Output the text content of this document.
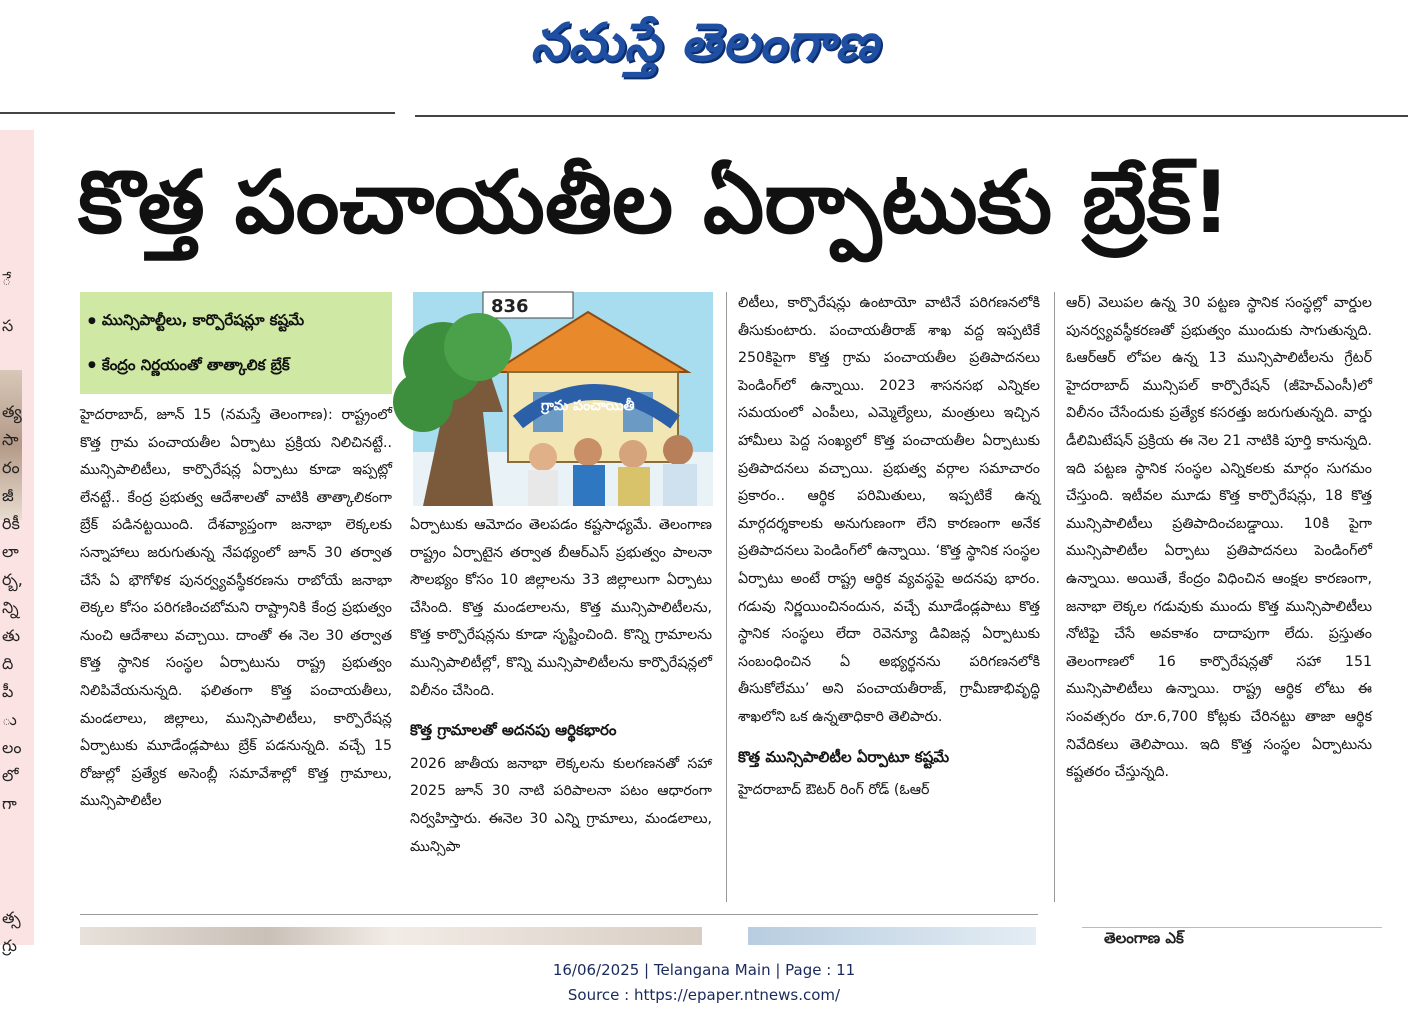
నమస్తే తెలంగాణ
ే
స
త్య
సా
రం
జీ
రికీ
లా
ర్బ,
న్ని
తు
ది
పీ
ు
లం
లో
గా
త్స
గ్రు
కొత్త పంచాయతీల ఏర్పాటుకు బ్రేక్!
● మున్సిపాల్టీలు, కార్పొరేషన్లూ కష్టమే
● కేంద్రం నిర్ణయంతో తాత్కాలిక బ్రేక్
836
గ్రామ పంచాయితీ

హైదరాబాద్, జూన్ 15 (నమస్తే తెలంగాణ): రాష్ట్రంలో కొత్త గ్రామ పంచాయతీల ఏర్పాటు ప్రక్రియ నిలిచినట్టే.. మున్సిపాలిటీలు, కార్పొరేషన్ల ఏర్పాటు కూడా ఇప్పట్లో లేనట్టే.. కేంద్ర ప్రభుత్వ ఆదేశాలతో వాటికి తాత్కాలికంగా బ్రేక్ పడినట్టయింది. దేశవ్యాప్తంగా జనాభా లెక్కలకు సన్నాహాలు జరుగుతున్న నేపథ్యంలో జూన్ 30 తర్వాత చేసే ఏ భౌగోళిక పునర్వ్యవస్థీకరణను రాబోయే జనాభా లెక్కల కోసం పరిగణించబోమని రాష్ట్రానికి కేంద్ర ప్రభుత్వం నుంచి ఆదేశాలు వచ్చాయి. దాంతో ఈ నెల 30 తర్వాత కొత్త స్థానిక సంస్థల ఏర్పాటును రాష్ట్ర ప్రభుత్వం నిలిపివేయనున్నది. ఫలితంగా కొత్త పంచాయతీలు, మండలాలు, జిల్లాలు, మున్సిపాలిటీలు, కార్పొరేషన్ల ఏర్పాటుకు మూడేండ్లపాటు బ్రేక్ పడనున్నది. వచ్చే 15 రోజుల్లో ప్రత్యేక అసెంబ్లీ సమావేశాల్లో కొత్త గ్రామాలు, మున్సిపాలిటీల

ఏర్పాటుకు ఆమోదం తెలపడం కష్టసాధ్యమే. తెలంగాణ రాష్ట్రం ఏర్పాటైన తర్వాత బీఆర్ఎస్ ప్రభుత్వం పాలనా సౌలభ్యం కోసం 10 జిల్లాలను 33 జిల్లాలుగా ఏర్పాటు చేసింది. కొత్త మండలాలను, కొత్త మున్సిపాలిటీలను, కొత్త కార్పొరేషన్లను కూడా సృష్టించింది. కొన్ని గ్రామాలను మున్సిపాలిటీల్లో, కొన్ని మున్సిపాలిటీలను కార్పొరేషన్లలో విలీనం చేసింది.

కొత్త గ్రామాలతో అదనపు ఆర్థికభారం

2026 జాతీయ జనాభా లెక్కలను కులగణనతో సహా 2025 జూన్ 30 నాటి పరిపాలనా పటం ఆధారంగా నిర్వహిస్తారు. ఈనెల 30 ఎన్ని గ్రామాలు, మండలాలు, మున్సిపా

లిటీలు, కార్పొరేషన్లు ఉంటాయో వాటినే పరిగణనలోకి తీసుకుంటారు. పంచాయతీరాజ్ శాఖ వద్ద ఇప్పటికే 250కిపైగా కొత్త గ్రామ పంచాయతీల ప్రతిపాదనలు పెండింగ్‌లో ఉన్నాయి. 2023 శాసనసభ ఎన్నికల సమయంలో ఎంపీలు, ఎమ్మెల్యేలు, మంత్రులు ఇచ్చిన హామీలు పెద్ద సంఖ్యలో కొత్త పంచాయతీల ఏర్పాటుకు ప్రతిపాదనలు వచ్చాయి. ప్రభుత్వ వర్గాల సమాచారం ప్రకారం.. ఆర్థిక పరిమితులు, ఇప్పటికే ఉన్న మార్గదర్శకాలకు అనుగుణంగా లేని కారణంగా అనేక ప్రతిపాదనలు పెండింగ్‌లో ఉన్నాయి. ‘కొత్త స్థానిక సంస్థల ఏర్పాటు అంటే రాష్ట్ర ఆర్థిక వ్యవస్థపై అదనపు భారం. గడువు నిర్ణయించినందున, వచ్చే మూడేండ్లపాటు కొత్త స్థానిక సంస్థలు లేదా రెవెన్యూ డివిజన్ల ఏర్పాటుకు సంబంధించిన ఏ అభ్యర్థనను పరిగణనలోకి తీసుకోలేము’ అని పంచాయతీరాజ్, గ్రామీణాభివృద్ధి శాఖలోని ఒక ఉన్నతాధికారి తెలిపారు.

కొత్త మున్సిపాలిటీల ఏర్పాటూ కష్టమే

హైదరాబాద్ ఔటర్ రింగ్ రోడ్ (ఓఆర్

ఆర్) వెలుపల ఉన్న 30 పట్టణ స్థానిక సంస్థల్లో వార్డుల పునర్వ్యవస్థీకరణతో ప్రభుత్వం ముందుకు సాగుతున్నది. ఓఆర్ఆర్ లోపల ఉన్న 13 మున్సిపాలిటీలను గ్రేటర్ హైదరాబాద్ మున్సిపల్ కార్పొరేషన్ (జీహెచ్ఎంసీ)లో విలీనం చేసేందుకు ప్రత్యేక కసరత్తు జరుగుతున్నది. వార్డు డీలిమిటేషన్ ప్రక్రియ ఈ నెల 21 నాటికి పూర్తి కానున్నది. ఇది పట్టణ స్థానిక సంస్థల ఎన్నికలకు మార్గం సుగమం చేస్తుంది. ఇటీవల మూడు కొత్త కార్పొరేషన్లు, 18 కొత్త మున్సిపాలిటీలు ప్రతిపాదించబడ్డాయి. 10కి పైగా మున్సిపాలిటీల ఏర్పాటు ప్రతిపాదనలు పెండింగ్‌లో ఉన్నాయి. అయితే, కేంద్రం విధించిన ఆంక్షల కారణంగా, జనాభా లెక్కల గడువుకు ముందు కొత్త మున్సిపాలిటీలు నోటిఫై చేసే అవకాశం దాదాపుగా లేదు. ప్రస్తుతం తెలంగాణలో 16 కార్పొరేషన్లతో సహా 151 మున్సిపాలిటీలు ఉన్నాయి. రాష్ట్ర ఆర్థిక లోటు ఈ సంవత్సరం రూ.6,700 కోట్లకు చేరినట్టు తాజా ఆర్థిక నివేదికలు తెలిపాయి. ఇది కొత్త సంస్థల ఏర్పాటును కష్టతరం చేస్తున్నది.

తెలంగాణ ఎక్
16/06/2025 | Telangana Main | Page : 11
Source : https://epaper.ntnews.com/
